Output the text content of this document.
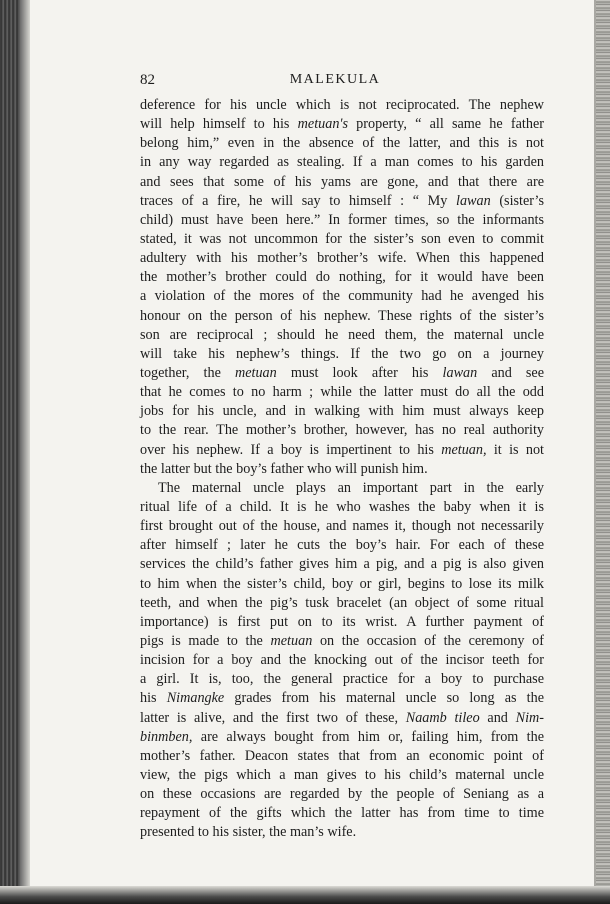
82	MALEKULA
deference for his uncle which is not reciprocated. The nephew
will help himself to his metuan's property, “ all same he father
belong him,” even in the absence of the latter, and this is not
in any way regarded as stealing. If a man comes to his garden
and sees that some of his yams are gone, and that there are
traces of a fire, he will say to himself : “ My lawan (sister’s
child) must have been here.” In former times, so the informants
stated, it was not uncommon for the sister’s son even to commit
adultery with his mother’s brother’s wife. When this happened
the mother’s brother could do nothing, for it would have been
a violation of the mores of the community had he avenged his
honour on the person of his nephew. These rights of the sister’s
son are reciprocal ; should he need them, the maternal uncle
will take his nephew’s things. If the two go on a journey
together, the metuan must look after his lawan and see
that he comes to no harm ; while the latter must do all the odd
jobs for his uncle, and in walking with him must always keep
to the rear. The mother’s brother, however, has no real authority
over his nephew. If a boy is impertinent to his metuan, it is not
the latter but the boy’s father who will punish him.
The maternal uncle plays an important part in the early
ritual life of a child. It is he who washes the baby when it is
first brought out of the house, and names it, though not necessarily
after himself ; later he cuts the boy’s hair. For each of these
services the child’s father gives him a pig, and a pig is also given
to him when the sister’s child, boy or girl, begins to lose its milk
teeth, and when the pig’s tusk bracelet (an object of some ritual
importance) is first put on to its wrist. A further payment of
pigs is made to the metuan on the occasion of the ceremony of
incision for a boy and the knocking out of the incisor teeth for
a girl. It is, too, the general practice for a boy to purchase
his Nimangke grades from his maternal uncle so long as the
latter is alive, and the first two of these, Naamb tileo and Nim-
binmben, are always bought from him or, failing him, from the
mother’s father. Deacon states that from an economic point of
view, the pigs which a man gives to his child’s maternal uncle
on these occasions are regarded by the people of Seniang as a
repayment of the gifts which the latter has from time to time
presented to his sister, the man’s wife.
